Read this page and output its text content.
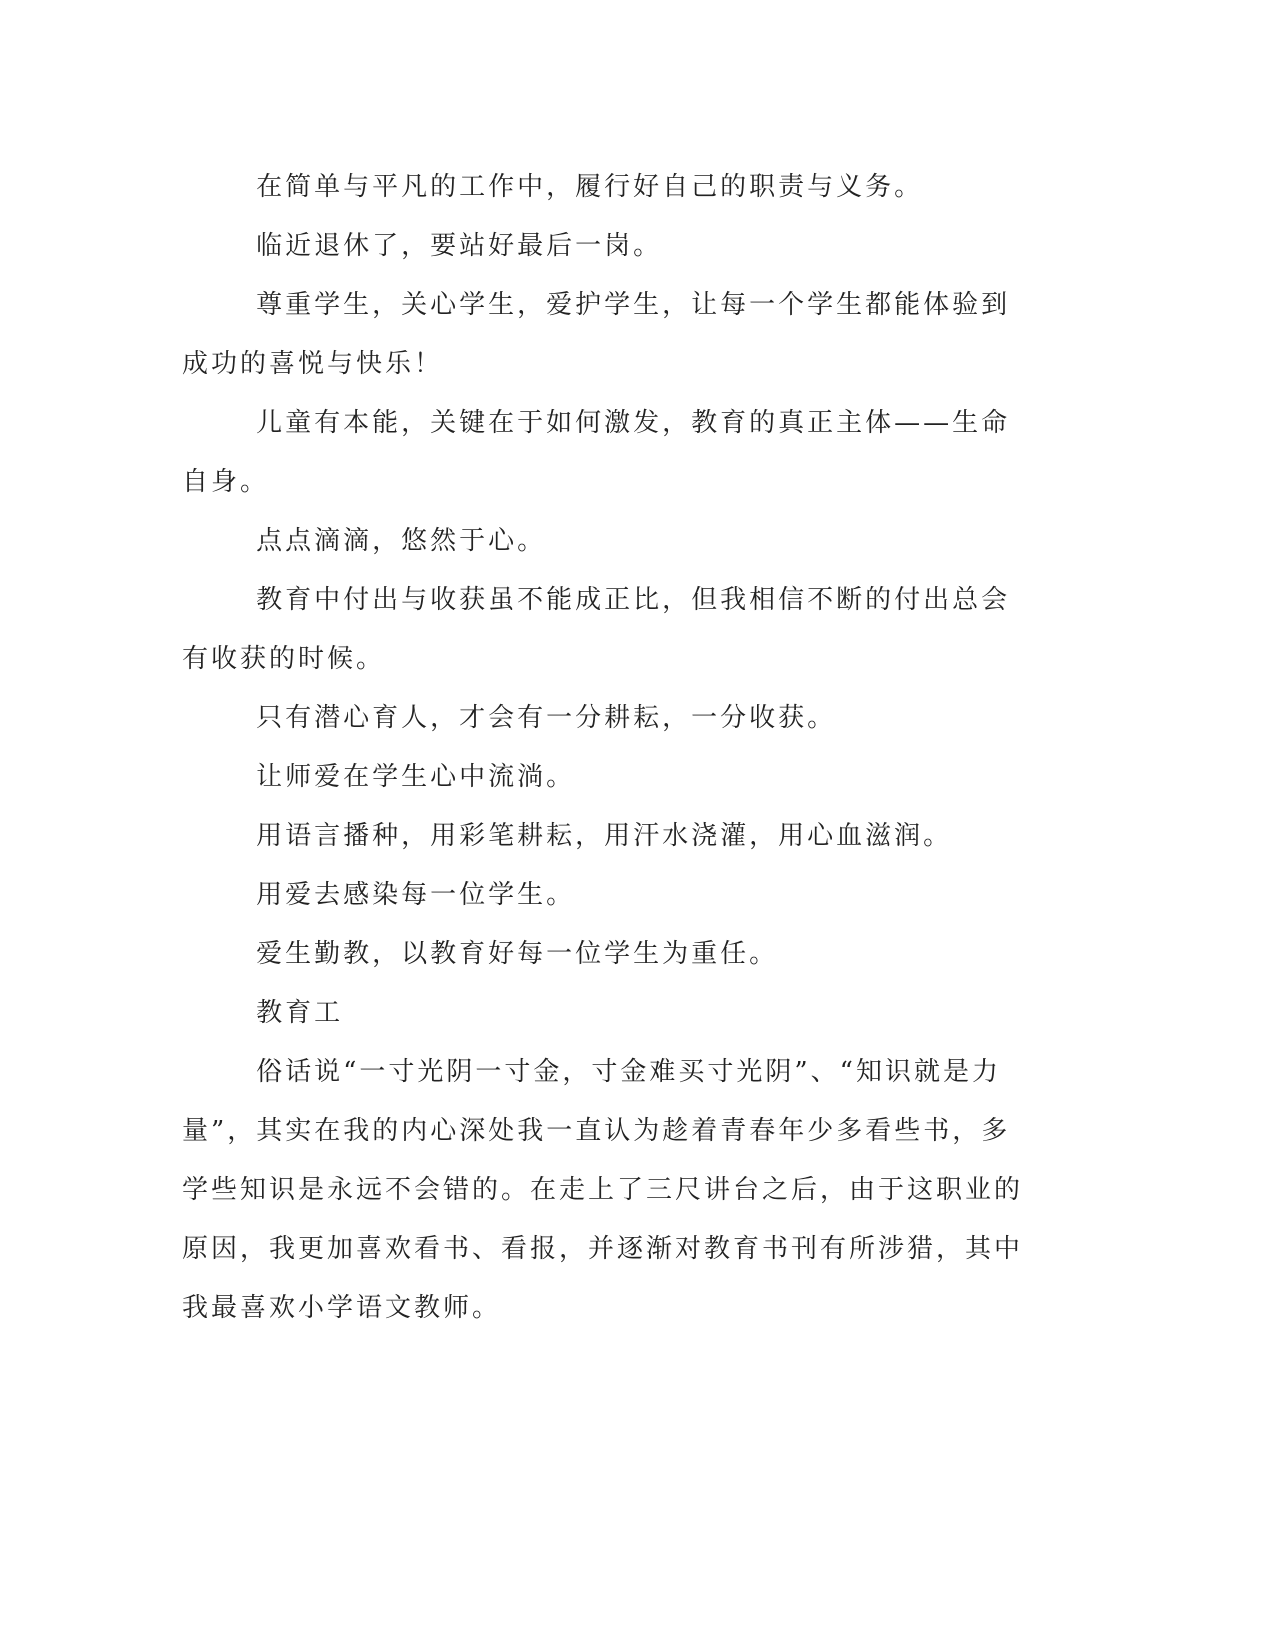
在简单与平凡的工作中，履行好自己的职责与义务。

临近退休了，要站好最后一岗。

尊重学生，关心学生，爱护学生，让每一个学生都能体验到成功的喜悦与快乐！

儿童有本能，关键在于如何激发，教育的真正主体——生命自身。

点点滴滴，悠然于心。

教育中付出与收获虽不能成正比，但我相信不断的付出总会有收获的时候。

只有潜心育人，才会有一分耕耘，一分收获。

让师爱在学生心中流淌。

用语言播种，用彩笔耕耘，用汗水浇灌，用心血滋润。

用爱去感染每一位学生。

爱生勤教，以教育好每一位学生为重任。

教育工

俗话说“一寸光阴一寸金，寸金难买寸光阴”、“知识就是力量”，其实在我的内心深处我一直认为趁着青春年少多看些书，多学些知识是永远不会错的。在走上了三尺讲台之后，由于这职业的原因，我更加喜欢看书、看报，并逐渐对教育书刊有所涉猎，其中我最喜欢小学语文教师。
